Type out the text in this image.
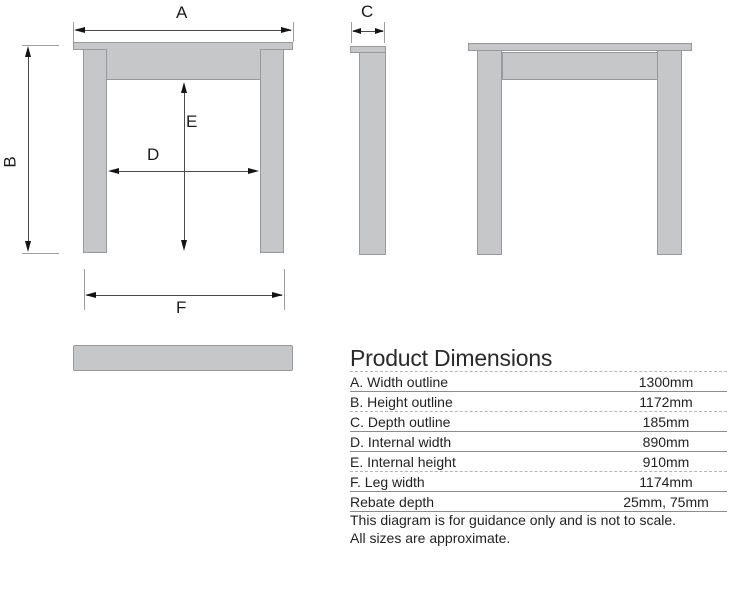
A
B
E
D
F
C
Product Dimensions
A. Width outline	1300mm
B. Height outline	1172mm
C. Depth outline	185mm
D. Internal width	890mm
E. Internal height	910mm
F. Leg width	1174mm
Rebate depth	25mm, 75mm
This diagram is for guidance only and is not to scale.
All sizes are approximate.
